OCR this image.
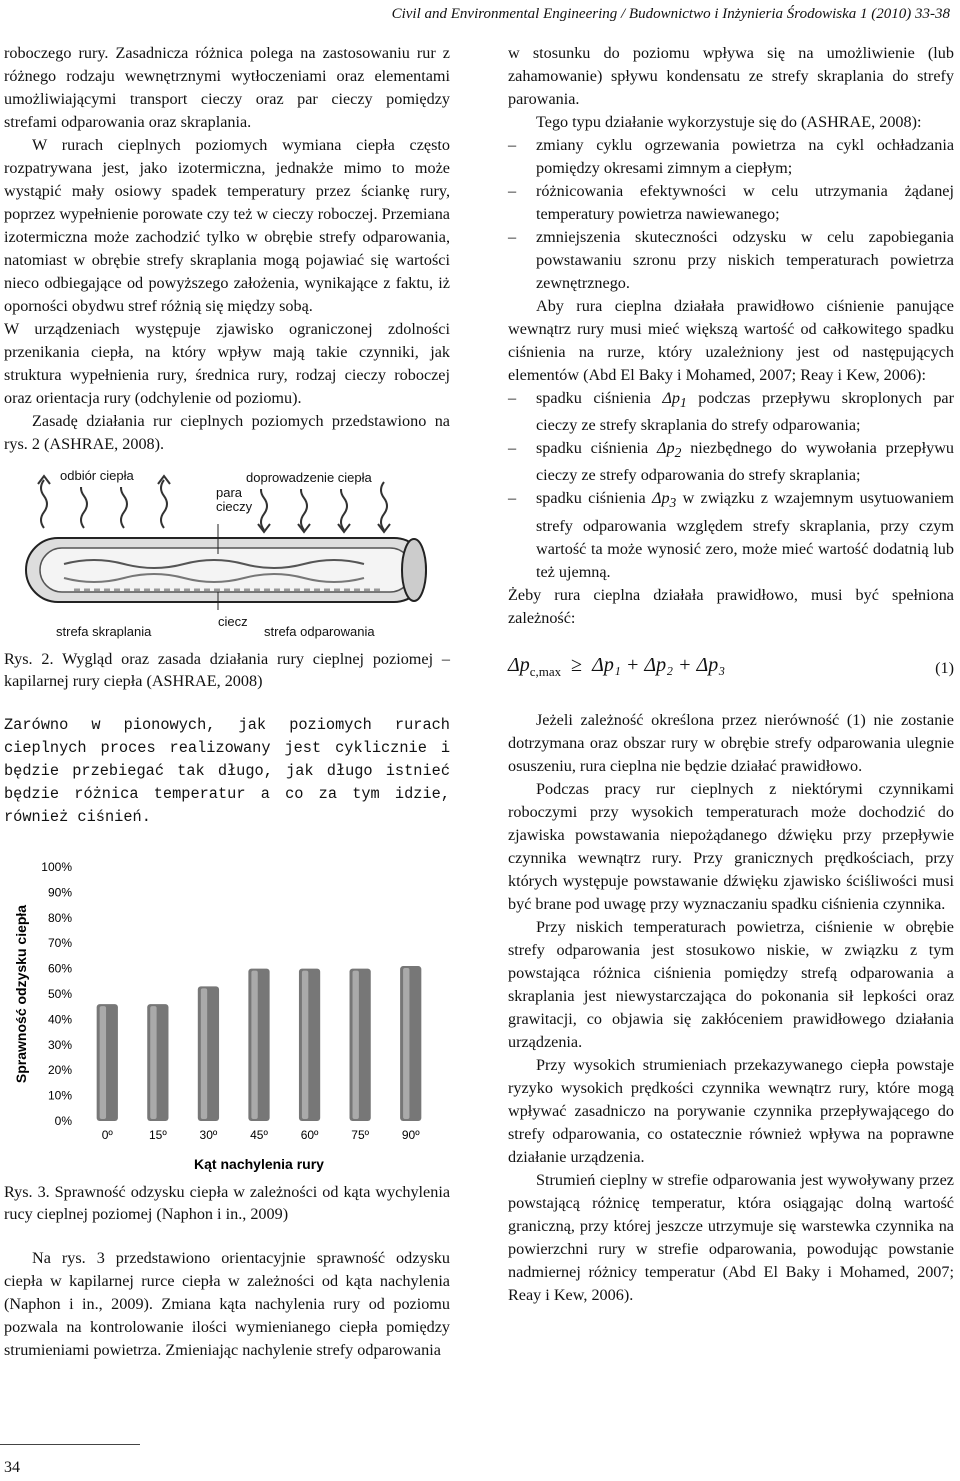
Civil and Environmental Engineering / Budownictwo i Inżynieria Środowiska 1 (2010) 33-38

roboczego rury. Zasadnicza różnica polega na zastosowaniu rur z różnego rodzaju wewnętrznymi wytłoczeniami oraz elementami umożliwiającymi transport cieczy oraz par cieczy pomiędzy strefami odparowania oraz skraplania.

W rurach cieplnych poziomych wymiana ciepła często rozpatrywana jest, jako izotermiczna, jednakże mimo to może wystąpić mały osiowy spadek temperatury przez ściankę rury, poprzez wypełnienie porowate czy też w cieczy roboczej. Przemiana izotermiczna może zachodzić tylko w obrębie strefy odparowania, natomiast w obrębie strefy skraplania mogą pojawiać się wartości nieco odbiegające od powyższego założenia, wynikające z faktu, iż oporności obydwu stref różnią się między sobą.

W urządzeniach występuje zjawisko ograniczonej zdolności przenikania ciepła, na który wpływ mają takie czynniki, jak struktura wypełnienia rury, średnica rury, rodzaj cieczy roboczej oraz orientacja rury (odchylenie od poziomu).

Zasadę działania rur cieplnych poziomych przedstawiono na rys. 2 (ASHRAE, 2008).

odbiór ciepła	doprowadzenie ciepła
para
cieczy
strefa skraplania
ciecz
strefa odparowania

Rys. 2. Wygląd oraz zasada działania rury cieplnej poziomej – kapilarnej rury ciepła (ASHRAE, 2008)

Zarówno w pionowych, jak poziomych rurach cieplnych proces realizowany jest cyklicznie i będzie przebiegać tak długo, jak długo istnieć będzie różnica temperatur a co za tym idzie, również ciśnień.

Sprawność odzysku ciepła
0%
10%
20%
30%
40%
50%
60%
70%
80%
90%
100%
0º	15º	30º	45º	60º	75º	90º
Kąt nachylenia rury

Rys. 3. Sprawność odzysku ciepła w zależności od kąta wychylenia rucy cieplnej poziomej (Naphon i in., 2009)

Na rys. 3 przedstawiono orientacyjnie sprawność odzysku ciepła w kapilarnej rurce ciepła w zależności od kąta nachylenia (Naphon i in., 2009). Zmiana kąta nachylenia rury od poziomu pozwala na kontrolowanie ilości wymienianego ciepła pomiędzy strumieniami powietrza. Zmieniając nachylenie strefy odparowania

w stosunku do poziomu wpływa się na umożliwienie (lub zahamowanie) spływu kondensatu ze strefy skraplania do strefy parowania.

Tego typu działanie wykorzystuje się do (ASHRAE, 2008):

– zmiany cyklu ogrzewania powietrza na cykl ochładzania pomiędzy okresami zimnym a ciepłym;
– różnicowania efektywności w celu utrzymania żądanej temperatury powietrza nawiewanego;
– zmniejszenia skuteczności odzysku w celu zapobiegania powstawaniu szronu przy niskich temperaturach powietrza zewnętrznego.

Aby rura cieplna działała prawidłowo ciśnienie panujące wewnątrz rury musi mieć większą wartość od całkowitego spadku ciśnienia na rurze, który uzależniony jest od następujących elementów (Abd El Baky i Mohamed, 2007; Reay i Kew, 2006):

– spadku ciśnienia $\Delta p_1$ podczas przepływu skroplonych par cieczy ze strefy skraplania do strefy odparowania;
– spadku ciśnienia $\Delta p_2$ niezbędnego do wywołania przepływu cieczy ze strefy odparowania do strefy skraplania;
– spadku ciśnienia $\Delta p_3$ w związku z wzajemnym usytuowaniem strefy odparowania względem strefy skraplania, przy czym wartość ta może wynosić zero, może mieć wartość dodatnią lub też ujemną.

Żeby rura cieplna działała prawidłowo, musi być spełniona zależność:

$\Delta p_{c,max} \ge \Delta p_1 + \Delta p_2 + \Delta p_3$	(1)

Jeżeli zależność określona przez nierówność (1) nie zostanie dotrzymana oraz obszar rury w obrębie strefy odparowania ulegnie osuszeniu, rura cieplna nie będzie działać prawidłowo.

Podczas pracy rur cieplnych z niektórymi czynnikami roboczymi przy wysokich temperaturach może dochodzić do zjawiska powstawania niepożądanego dźwięku przy przepływie czynnika wewnątrz rury. Przy granicznych prędkościach, przy których występuje powstawanie dźwięku zjawisko ściśliwości musi być brane pod uwagę przy wyznaczaniu spadku ciśnienia czynnika.

Przy niskich temperaturach powietrza, ciśnienie w obrębie strefy odparowania jest stosukowo niskie, w związku z tym powstająca różnica ciśnienia pomiędzy strefą odparowania a skraplania jest niewystarczająca do pokonania sił lepkości oraz grawitacji, co objawia się zakłóceniem prawidłowego działania urządzenia.

Przy wysokich strumieniach przekazywanego ciepła powstaje ryzyko wysokich prędkości czynnika wewnątrz rury, które mogą wpływać zasadniczo na porywanie czynnika przepływającego do strefy odparowania, co ostatecznie również wpływa na poprawne działanie urządzenia.

Strumień cieplny w strefie odparowania jest wywoływany przez powstającą różnicę temperatur, która osiągając dolną wartość graniczną, przy której jeszcze utrzymuje się warstewka czynnika na powierzchni rury w strefie odparowania, powodując powstanie nadmiernej różnicy temperatur (Abd El Baky i Mohamed, 2007; Reay i Kew, 2006).

34
